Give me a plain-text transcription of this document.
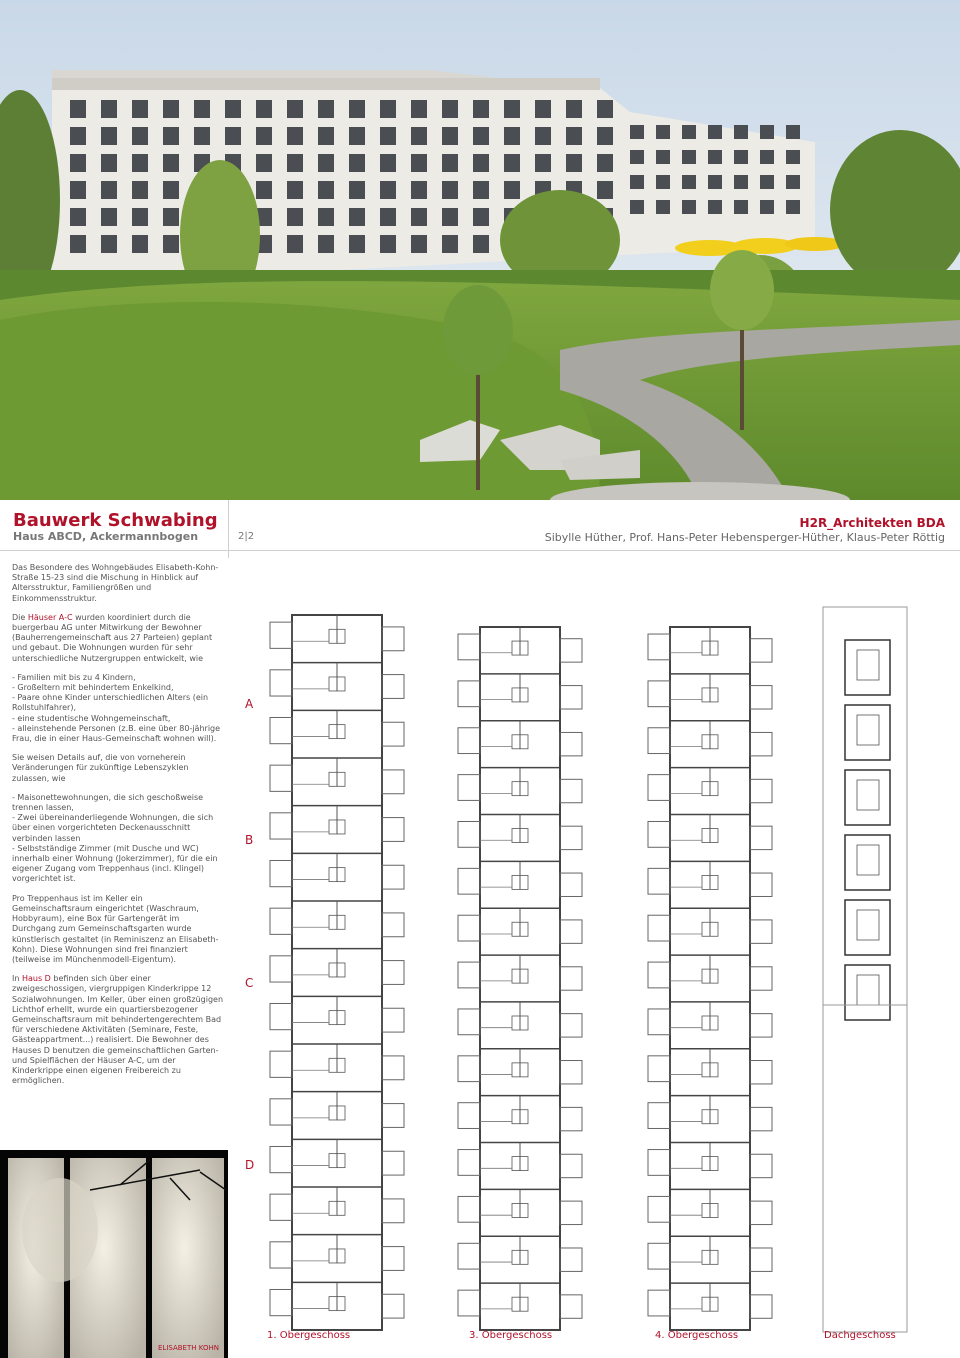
Bauwerk Schwabing
Haus ABCD, Ackermannbogen	2|2
H2R_Architekten BDA
Sibylle Hüther, Prof. Hans-Peter Hebensperger-Hüther, Klaus-Peter Röttig

Das Besondere des Wohngebäudes Elisabeth-Kohn-Straße 15-23 sind die Mischung in Hinblick auf Altersstruktur, Familiengrößen und Einkommensstruktur.

Die Häuser A-C wurden koordiniert durch die buergerbau AG unter Mitwirkung der Bewohner (Bauherrengemeinschaft aus 27 Parteien) geplant und gebaut. Die Wohnungen wurden für sehr unterschiedliche Nutzergruppen entwickelt, wie

- Familien mit bis zu 4 Kindern,
- Großeltern mit behindertem Enkelkind,
- Paare ohne Kinder unterschiedlichen Alters (ein Rollstuhlfahrer),
- eine studentische Wohngemeinschaft,
- alleinstehende Personen (z.B. eine über 80-jährige Frau, die in einer Haus-Gemeinschaft wohnen will).

Sie weisen Details auf, die von vorneherein Veränderungen für zukünftige Lebenszyklen zulassen, wie

- Maisonettewohnungen, die sich geschoßweise trennen lassen,
- Zwei übereinanderliegende Wohnungen, die sich über einen vorgerichteten Deckenausschnitt verbinden lassen
- Selbstständige Zimmer (mit Dusche und WC) innerhalb einer Wohnung (Jokerzimmer), für die ein eigener Zugang vom Treppenhaus (incl. Klingel) vorgerichtet ist.

Pro Treppenhaus ist im Keller ein Gemeinschaftsraum eingerichtet (Waschraum, Hobbyraum), eine Box für Gartengerät im Durchgang zum Gemeinschaftsgarten wurde künstlerisch gestaltet (in Reminiszenz an Elisabeth-Kohn). Diese Wohnungen sind frei finanziert (teilweise im Münchenmodell-Eigentum).

In Haus D befinden sich über einer zweigeschossigen, viergruppigen Kinderkrippe 12 Sozialwohnungen. Im Keller, über einen großzügigen Lichthof erhellt, wurde ein quartiersbezogener Gemeinschaftsraum mit behindertengerechtem Bad für verschiedene Aktivitäten (Seminare, Feste, Gästeappartment...) realisiert. Die Bewohner des Hauses D benutzen die gemeinschaftlichen Garten- und Spielflächen der Häuser A-C, um der Kinderkrippe einen eigenen Freibereich zu ermöglichen.

ELISABETH KOHN
A
B
C
D
1. Obergeschoss	3. Obergeschoss	4. Obergeschoss	Dachgeschoss
